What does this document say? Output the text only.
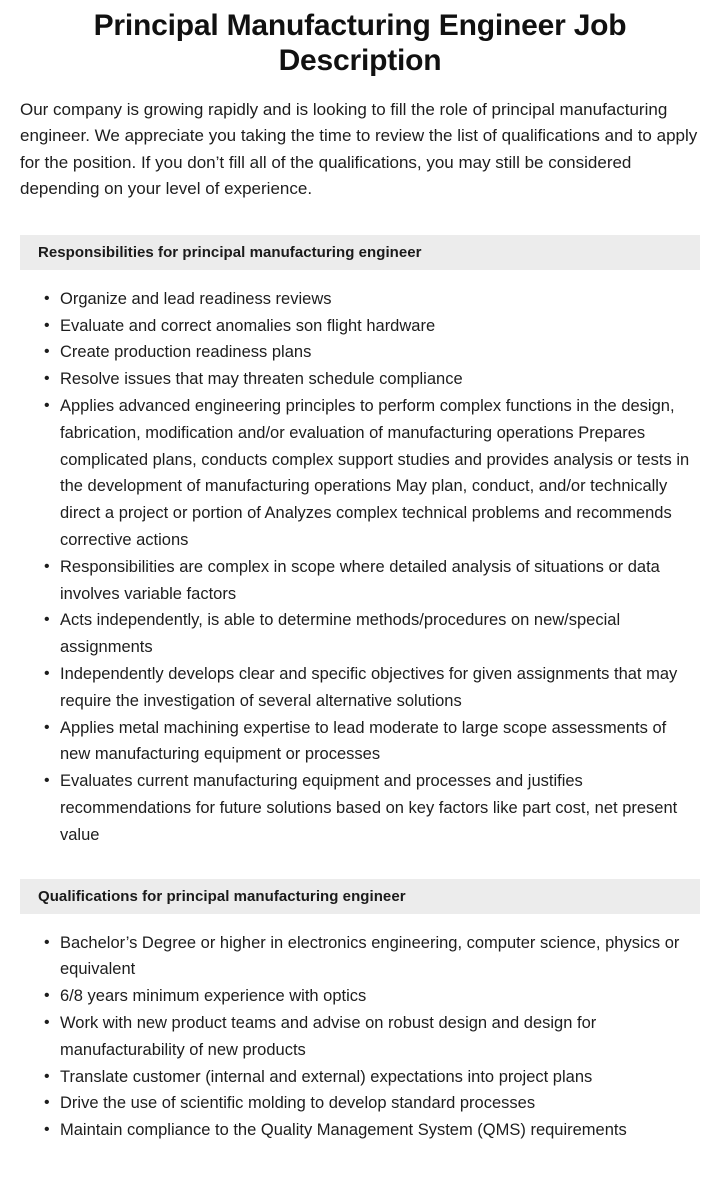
Principal Manufacturing Engineer Job Description

Our company is growing rapidly and is looking to fill the role of principal manufacturing engineer. We appreciate you taking the time to review the list of qualifications and to apply for the position. If you don’t fill all of the qualifications, you may still be considered depending on your level of experience.

Responsibilities for principal manufacturing engineer
• Organize and lead readiness reviews
• Evaluate and correct anomalies son flight hardware
• Create production readiness plans
• Resolve issues that may threaten schedule compliance
• Applies advanced engineering principles to perform complex functions in the design, fabrication, modification and/or evaluation of manufacturing operations Prepares complicated plans, conducts complex support studies and provides analysis or tests in the development of manufacturing operations May plan, conduct, and/or technically direct a project or portion of Analyzes complex technical problems and recommends corrective actions
• Responsibilities are complex in scope where detailed analysis of situations or data involves variable factors
• Acts independently, is able to determine methods/procedures on new/special assignments
• Independently develops clear and specific objectives for given assignments that may require the investigation of several alternative solutions
• Applies metal machining expertise to lead moderate to large scope assessments of new manufacturing equipment or processes
• Evaluates current manufacturing equipment and processes and justifies recommendations for future solutions based on key factors like part cost, net present value
Qualifications for principal manufacturing engineer
• Bachelor’s Degree or higher in electronics engineering, computer science, physics or equivalent
• 6/8 years minimum experience with optics
• Work with new product teams and advise on robust design and design for manufacturability of new products
• Translate customer (internal and external) expectations into project plans
• Drive the use of scientific molding to develop standard processes
• Maintain compliance to the Quality Management System (QMS) requirements
